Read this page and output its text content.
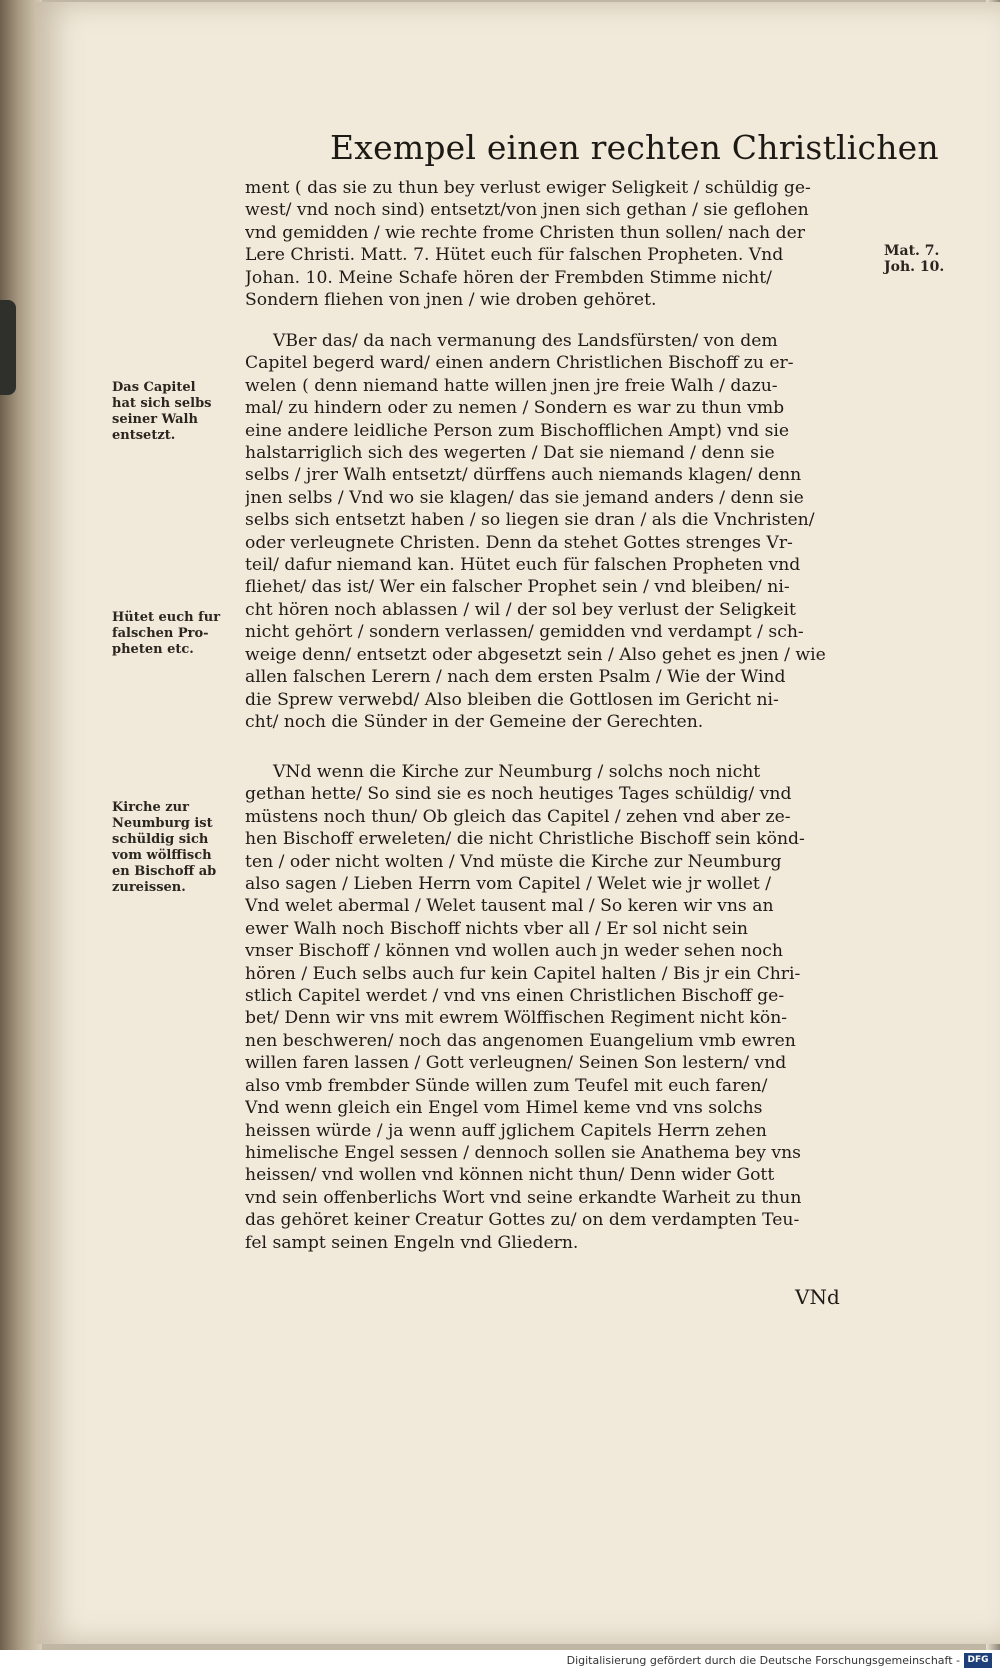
Exempel einen rechten Christlichen
ment ( das sie zu thun bey verlust ewiger Seligkeit / schüldig ge-
west/ vnd noch sind) entsetzt/von jnen sich gethan / sie geflohen
vnd gemidden / wie rechte frome Christen thun sollen/ nach der
Lere Christi. Matt. 7. Hütet euch für falschen Propheten. Vnd
Johan. 10. Meine Schafe hören der Frembden Stimme nicht/
Sondern fliehen von jnen / wie droben gehöret.
VBer das/ da nach vermanung des Landsfürsten/ von dem
Capitel begerd ward/ einen andern Christlichen Bischoff zu er-
welen ( denn niemand hatte willen jnen jre freie Walh / dazu-
mal/ zu hindern oder zu nemen / Sondern es war zu thun vmb
eine andere leidliche Person zum Bischofflichen Ampt) vnd sie
halstarriglich sich des wegerten / Dat sie niemand / denn sie
selbs / jrer Walh entsetzt/ dürffens auch niemands klagen/ denn
jnen selbs / Vnd wo sie klagen/ das sie jemand anders / denn sie
selbs sich entsetzt haben / so liegen sie dran / als die Vnchristen/
oder verleugnete Christen. Denn da stehet Gottes strenges Vr-
teil/ dafur niemand kan. Hütet euch für falschen Propheten vnd
fliehet/ das ist/ Wer ein falscher Prophet sein / vnd bleiben/ ni-
cht hören noch ablassen / wil / der sol bey verlust der Seligkeit
nicht gehört / sondern verlassen/ gemidden vnd verdampt / sch-
weige denn/ entsetzt oder abgesetzt sein / Also gehet es jnen / wie
allen falschen Lerern / nach dem ersten Psalm / Wie der Wind
die Sprew verwebd/ Also bleiben die Gottlosen im Gericht ni-
cht/ noch die Sünder in der Gemeine der Gerechten.
VNd wenn die Kirche zur Neumburg / solchs noch nicht
gethan hette/ So sind sie es noch heutiges Tages schüldig/ vnd
müstens noch thun/ Ob gleich das Capitel / zehen vnd aber ze-
hen Bischoff erweleten/ die nicht Christliche Bischoff sein könd-
ten / oder nicht wolten / Vnd müste die Kirche zur Neumburg
also sagen / Lieben Herrn vom Capitel / Welet wie jr wollet /
Vnd welet abermal / Welet tausent mal / So keren wir vns an
ewer Walh noch Bischoff nichts vber all / Er sol nicht sein
vnser Bischoff / können vnd wollen auch jn weder sehen noch
hören / Euch selbs auch fur kein Capitel halten / Bis jr ein Chri-
stlich Capitel werdet / vnd vns einen Christlichen Bischoff ge-
bet/ Denn wir vns mit ewrem Wölffischen Regiment nicht kön-
nen beschweren/ noch das angenomen Euangelium vmb ewren
willen faren lassen / Gott verleugnen/ Seinen Son lestern/ vnd
also vmb frembder Sünde willen zum Teufel mit euch faren/
Vnd wenn gleich ein Engel vom Himel keme vnd vns solchs
heissen würde / ja wenn auff jglichem Capitels Herrn zehen
himelische Engel sessen / dennoch sollen sie Anathema bey vns
heissen/ vnd wollen vnd können nicht thun/ Denn wider Gott
vnd sein offenberlichs Wort vnd seine erkandte Warheit zu thun
das gehöret keiner Creatur Gottes zu/ on dem verdampten Teu-
fel sampt seinen Engeln vnd Gliedern.
Mat. 7.
Joh. 10.
Das Capitel
hat sich selbs
seiner Walh
entsetzt.
Hütet euch fur
falschen Pro-
pheten etc.
Kirche zur
Neumburg ist
schüldig sich
vom wölffisch
en Bischoff ab
zureissen.
VNd
Digitalisierung gefördert durch die Deutsche Forschungsgemeinschaft - DFG
